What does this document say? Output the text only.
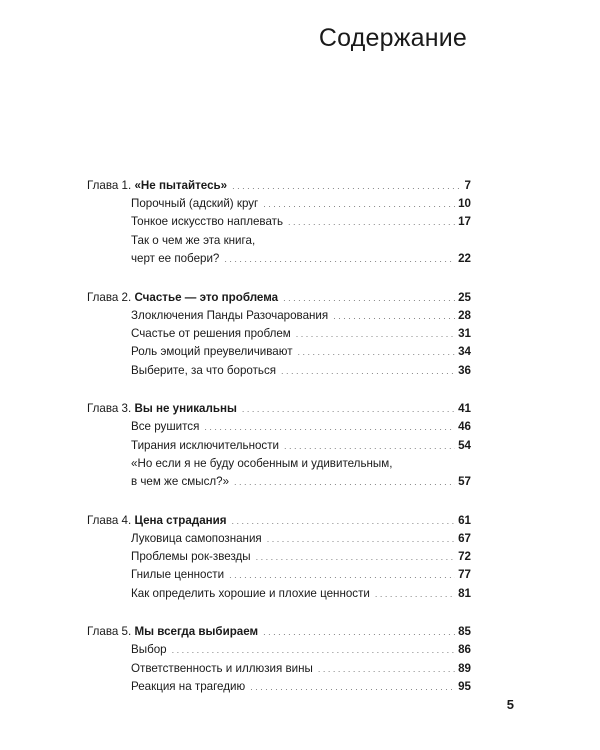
Содержание
Глава 1. «Не пытайтесь» . . .	7
Порочный (адский) круг . . .	10
Тонкое искусство наплевать . . .	17
Так о чем же эта книга,
черт ее побери? . . .	22
Глава 2. Счастье — это проблема . . .	25
Злоключения Панды Разочарования . . .	28
Счастье от решения проблем . . .	31
Роль эмоций преувеличивают . . .	34
Выберите, за что бороться . . .	36
Глава 3. Вы не уникальны . . .	41
Все рушится . . .	46
Тирания исключительности . . .	54
«Но если я не буду особенным и удивительным,
в чем же смысл?» . . .	57
Глава 4. Цена страдания . . .	61
Луковица самопознания . . .	67
Проблемы рок-звезды . . .	72
Гнилые ценности . . .	77
Как определить хорошие и плохие ценности . . .	81
Глава 5. Мы всегда выбираем . . .	85
Выбор . . .	86
Ответственность и иллюзия вины . . .	89
Реакция на трагедию . . .	95
5
